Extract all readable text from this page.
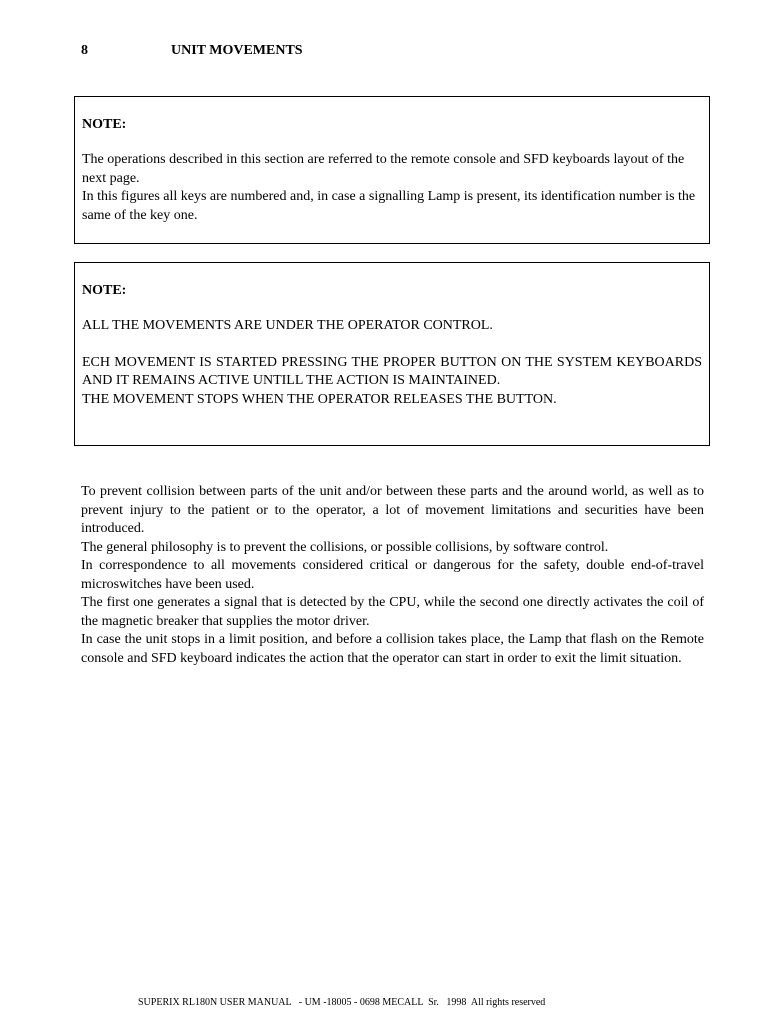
8	UNIT MOVEMENTS
NOTE:

The operations described in this section are referred to the remote console and SFD keyboards layout of the next page.

In this figures all keys are numbered and, in case a signalling Lamp is present, its identification number is the same of the key one.

NOTE:

ALL THE MOVEMENTS ARE UNDER THE OPERATOR CONTROL.

ECH MOVEMENT IS STARTED PRESSING THE PROPER BUTTON ON THE SYSTEM KEYBOARDS AND IT REMAINS ACTIVE UNTILL THE ACTION IS MAINTAINED.

THE MOVEMENT STOPS WHEN THE OPERATOR RELEASES THE BUTTON.

To prevent collision between parts of the unit and/or between these parts and the around world, as well as to prevent injury to the patient or to the operator, a lot of movement limitations and securities have been introduced.

The general philosophy is to prevent the collisions, or possible collisions, by software control.

In correspondence to all movements considered critical or dangerous for the safety, double end-of-travel microswitches have been used.

The first one generates a signal that is detected by the CPU, while the second one directly activates the coil of the magnetic breaker that supplies the motor driver.

In case the unit stops in a limit position, and before a collision takes place, the Lamp that flash on the Remote console and SFD keyboard indicates the action that the operator can start in order to exit the limit situation.

SUPERIX RL180N USER MANUAL   - UM -18005 - 0698 MECALL  Sr.   1998  All rights reserved
